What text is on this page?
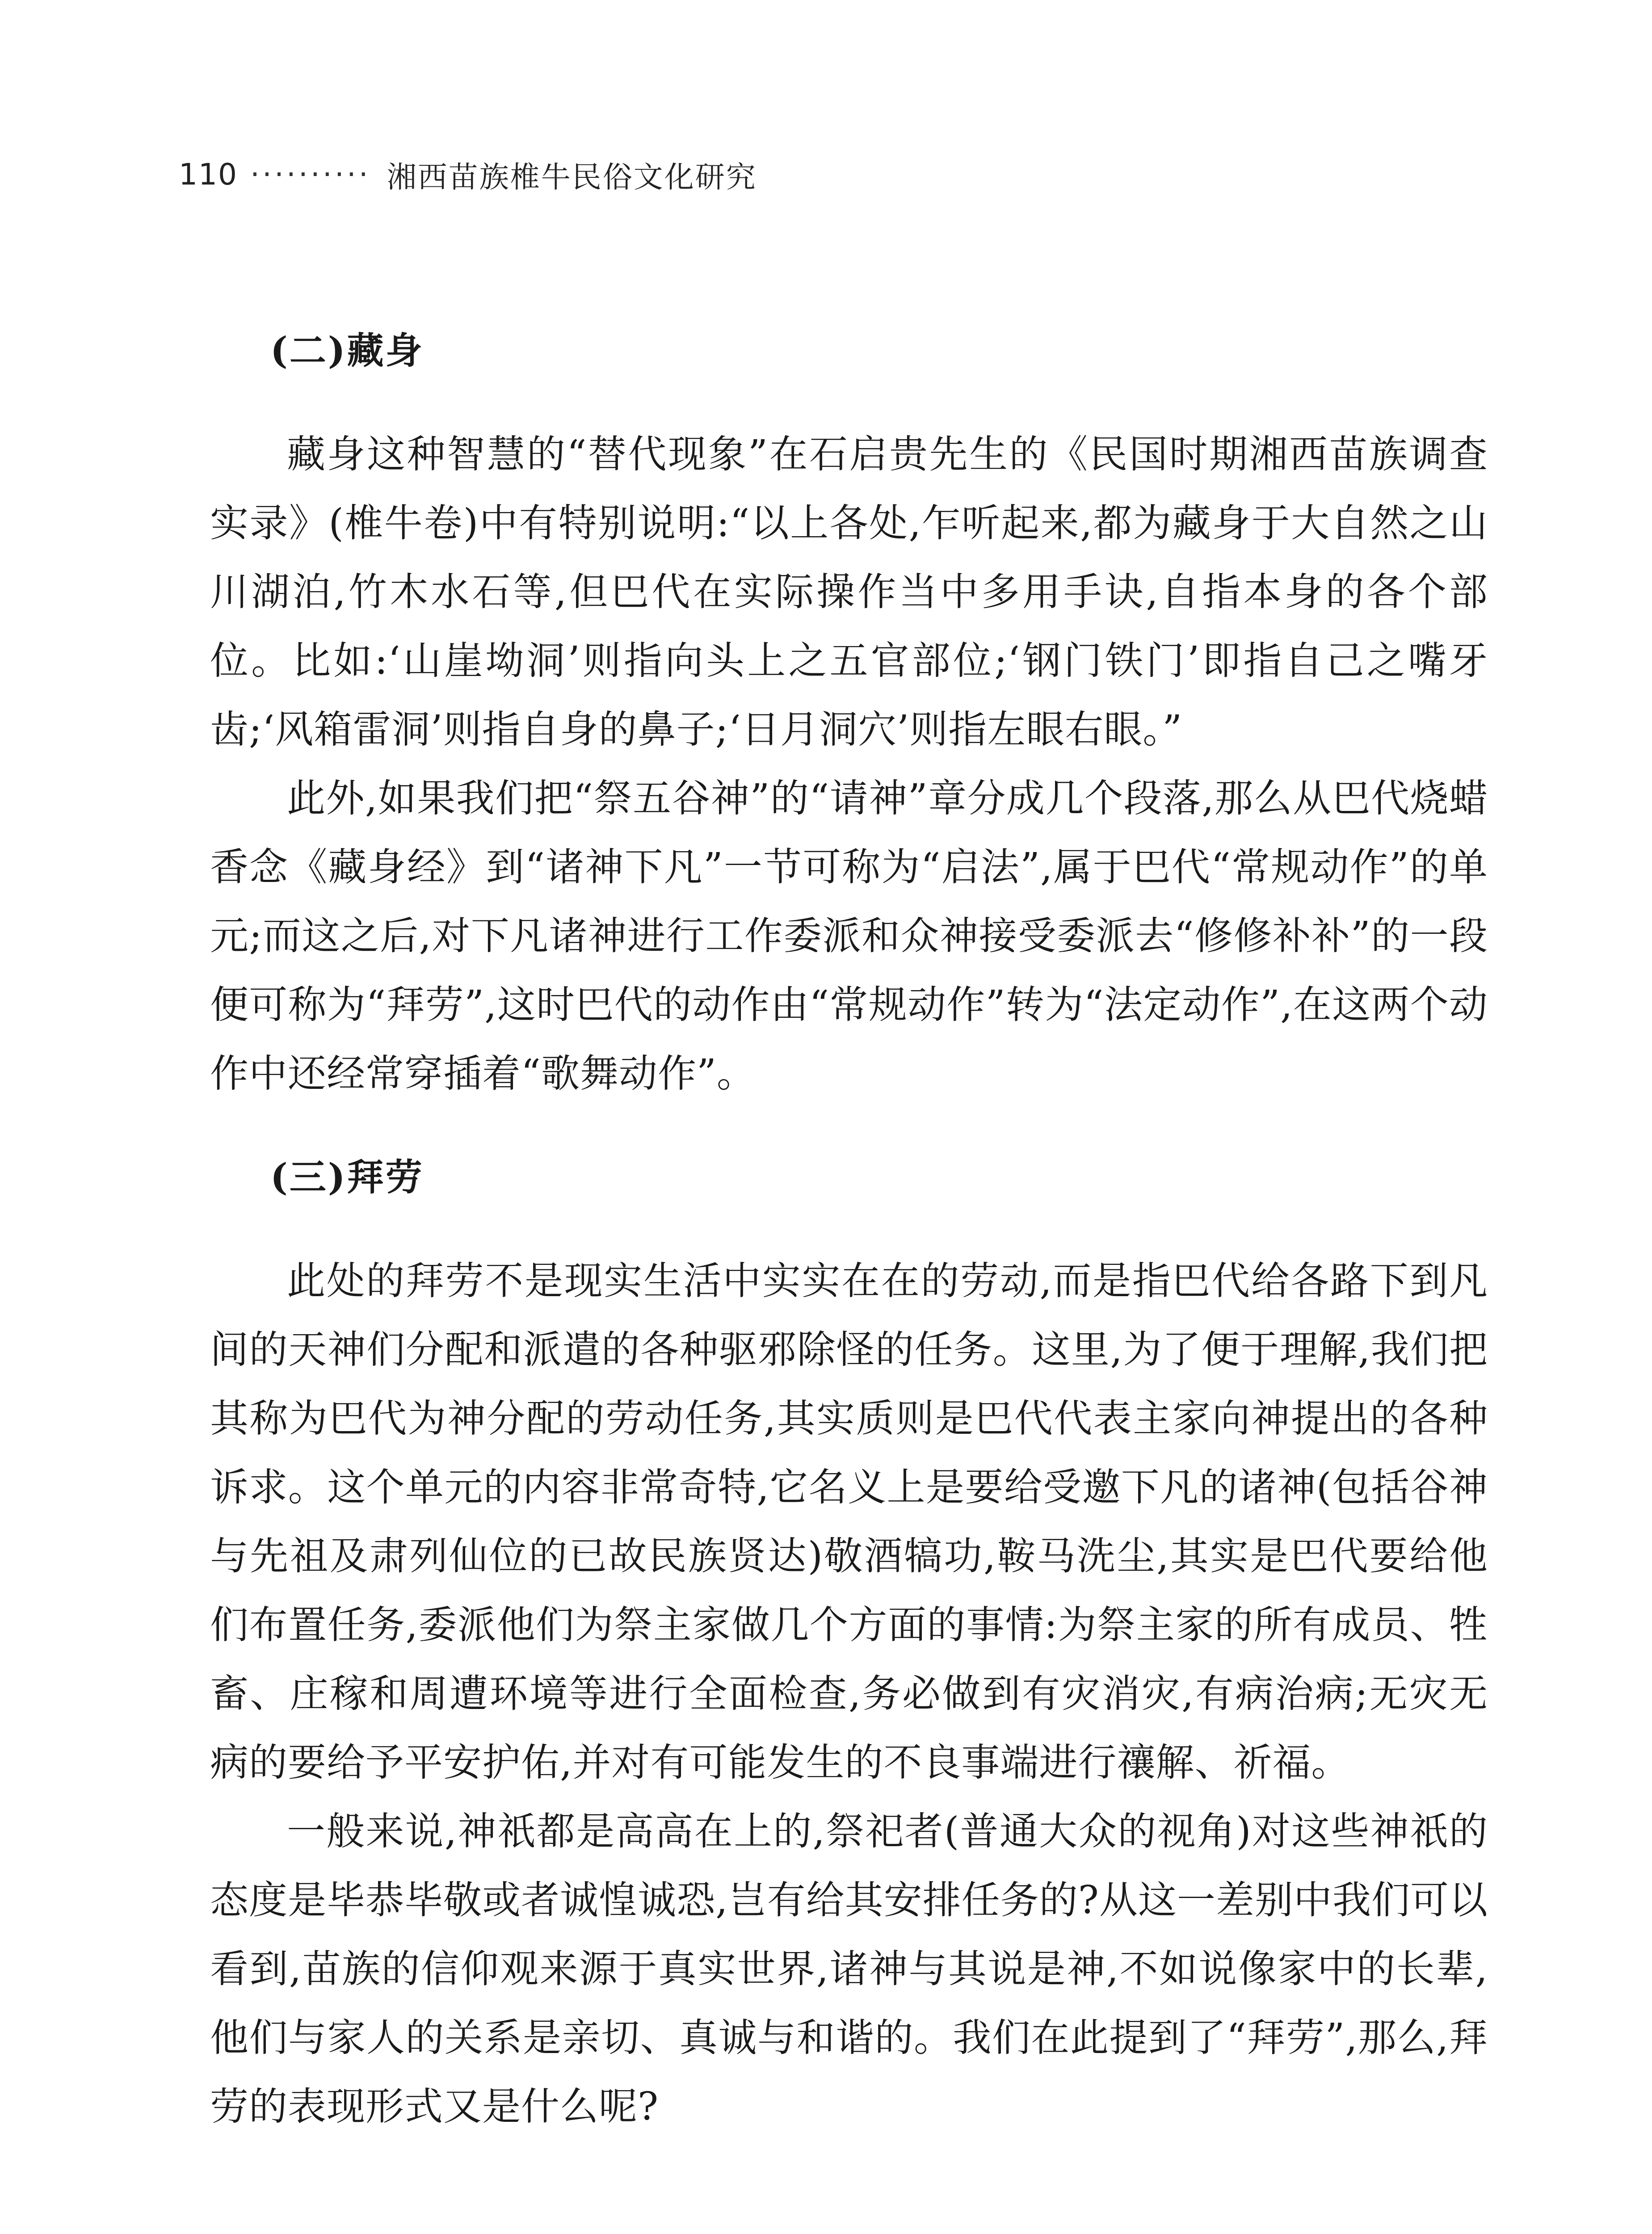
110 ·········· 湘西苗族椎牛民俗文化研究
(二)藏身

藏身这种智慧的“替代现象”在石启贵先生的《民国时期湘西苗族调查实录》(椎牛卷)中有特别说明:“以上各处,乍听起来,都为藏身于大自然之山川湖泊,竹木水石等,但巴代在实际操作当中多用手诀,自指本身的各个部位。比如:‘山崖坳洞’则指向头上之五官部位;‘钢门铁门’即指自己之嘴牙齿;‘风箱雷洞’则指自身的鼻子;‘日月洞穴’则指左眼右眼。”

此外,如果我们把“祭五谷神”的“请神”章分成几个段落,那么从巴代烧蜡香念《藏身经》到“诸神下凡”一节可称为“启法”,属于巴代“常规动作”的单元;而这之后,对下凡诸神进行工作委派和众神接受委派去“修修补补”的一段便可称为“拜劳”,这时巴代的动作由“常规动作”转为“法定动作”,在这两个动作中还经常穿插着“歌舞动作”。

(三)拜劳

此处的拜劳不是现实生活中实实在在的劳动,而是指巴代给各路下到凡间的天神们分配和派遣的各种驱邪除怪的任务。这里,为了便于理解,我们把其称为巴代为神分配的劳动任务,其实质则是巴代代表主家向神提出的各种诉求。这个单元的内容非常奇特,它名义上是要给受邀下凡的诸神(包括谷神与先祖及肃列仙位的已故民族贤达)敬酒犒功,鞍马洗尘,其实是巴代要给他们布置任务,委派他们为祭主家做几个方面的事情:为祭主家的所有成员、牲畜、庄稼和周遭环境等进行全面检查,务必做到有灾消灾,有病治病;无灾无病的要给予平安护佑,并对有可能发生的不良事端进行禳解、祈福。

一般来说,神祇都是高高在上的,祭祀者(普通大众的视角)对这些神祇的态度是毕恭毕敬或者诚惶诚恐,岂有给其安排任务的?从这一差别中我们可以看到,苗族的信仰观来源于真实世界,诸神与其说是神,不如说像家中的长辈,他们与家人的关系是亲切、真诚与和谐的。我们在此提到了“拜劳”,那么,拜劳的表现形式又是什么呢?
